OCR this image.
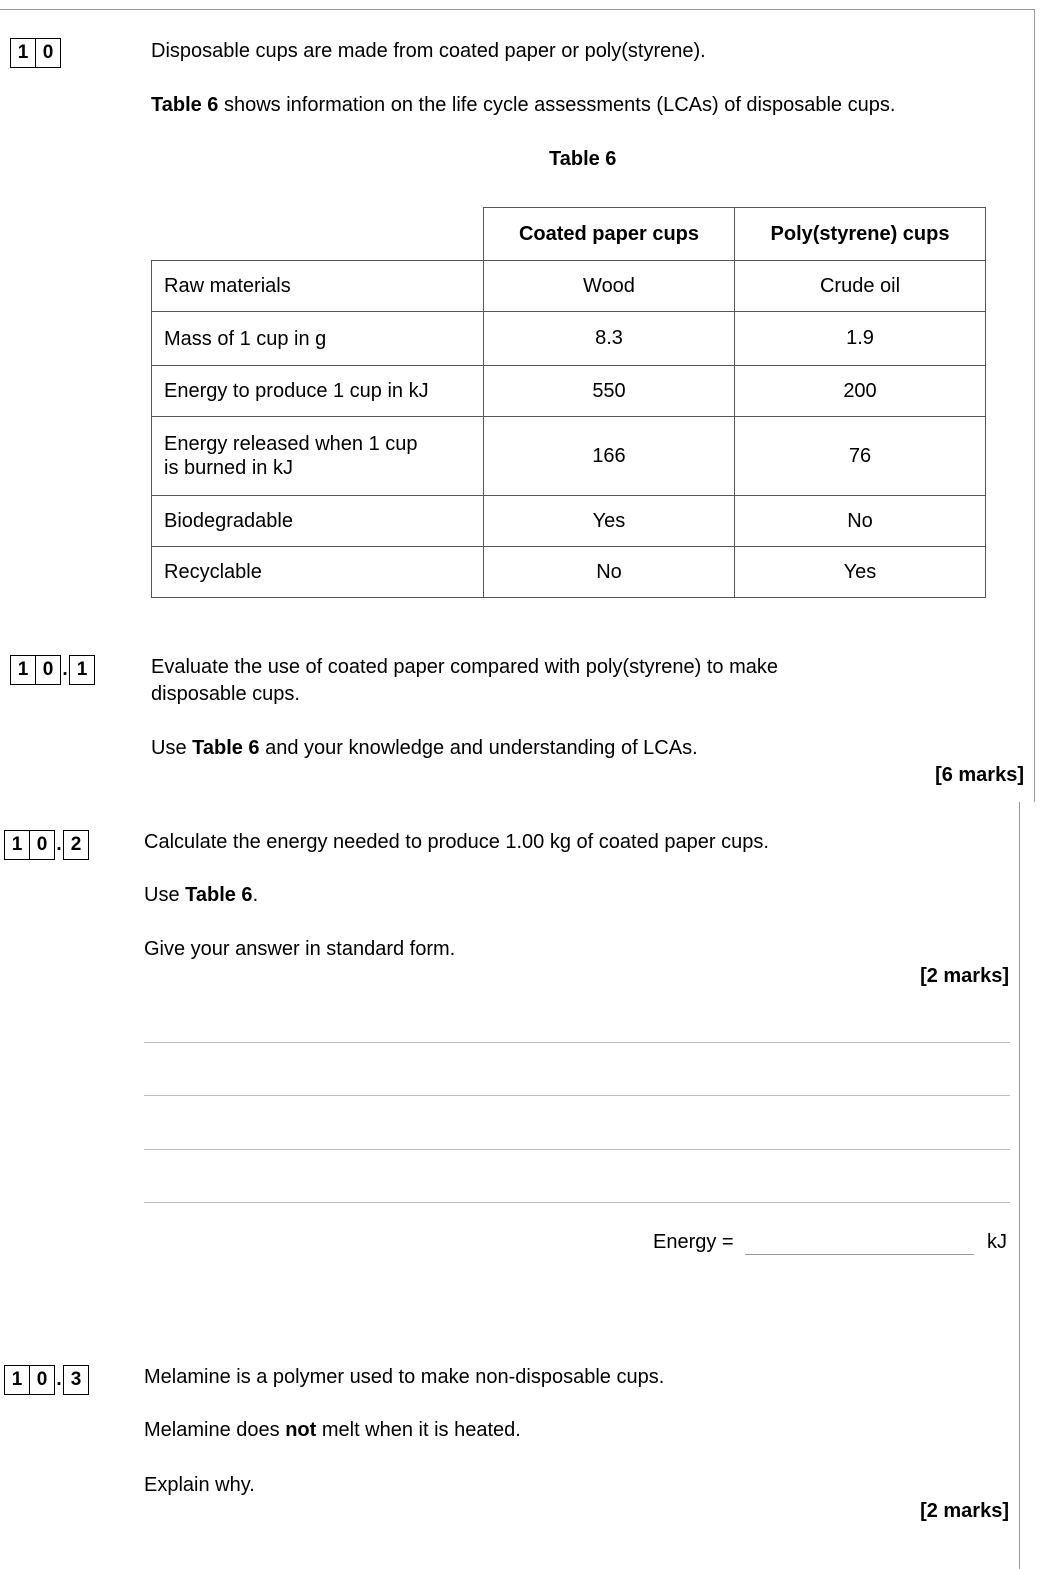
1 0	Disposable cups are made from coated paper or poly(styrene).
Table 6 shows information on the life cycle assessments (LCAs) of disposable cups.
Table 6
	Coated paper cups	Poly(styrene) cups
Raw materials	Wood	Crude oil
Mass of 1 cup in g	8.3	1.9
Energy to produce 1 cup in kJ	550	200
Energy released when 1 cup
is burned in kJ	166	76
Biodegradable	Yes	No
Recyclable	No	Yes
1 0 . 1	Evaluate the use of coated paper compared with poly(styrene) to make
disposable cups.
Use Table 6 and your knowledge and understanding of LCAs.
[6 marks]
1 0 . 2	Calculate the energy needed to produce 1.00 kg of coated paper cups.
Use Table 6.
Give your answer in standard form.
[2 marks]
Energy =	kJ
1 0 . 3	Melamine is a polymer used to make non-disposable cups.
Melamine does not melt when it is heated.
Explain why.
[2 marks]
